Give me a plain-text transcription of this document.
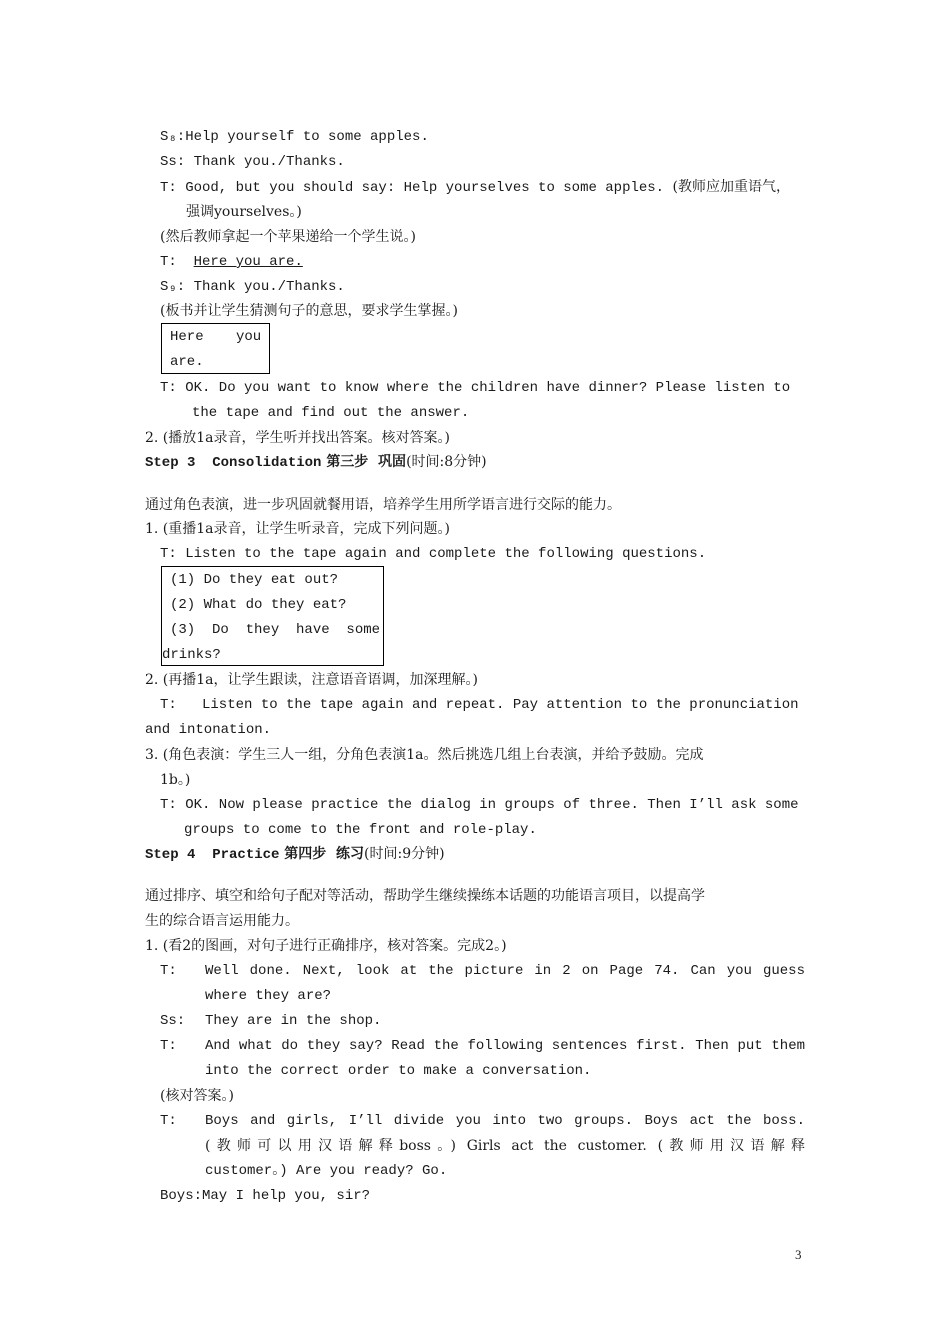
S₈:Help yourself to some apples.

Ss: Thank you./Thanks.

T: Good, but you should say: Help yourselves to some apples. (教师应加重语气，

强调yourselves。)

(然后教师拿起一个苹果递给一个学生说。)

T: Here you are.

S₉: Thank you./Thanks.

(板书并让学生猜测句子的意思，要求学生掌握。)

Here you
are.

T: OK. Do you want to know where the children have dinner? Please listen to

the tape and find out the answer.

2. (播放1a录音，学生听并找出答案。核对答案。)

Step 3  Consolidation 第三步  巩固(时间:8分钟)

通过角色表演，进一步巩固就餐用语，培养学生用所学语言进行交际的能力。

1. (重播1a录音，让学生听录音，完成下列问题。)

T: Listen to the tape again and complete the following questions.

(1) Do they eat out?
(2) What do they eat?
(3)  Do  they  have  some
drinks?

2. (再播1a，让学生跟读，注意语音语调，加深理解。)

T:   Listen to the tape again and repeat. Pay attention to the pronunciation

and intonation.

3. (角色表演：学生三人一组，分角色表演1a。然后挑选几组上台表演，并给予鼓励。完成

1b。)

T: OK. Now please practice the dialog in groups of three. Then I’ll ask some

groups to come to the front and role-play.

Step 4  Practice 第四步  练习(时间:9分钟)

通过排序、填空和给句子配对等活动，帮助学生继续操练本话题的功能语言项目，以提高学

生的综合语言运用能力。

1. (看2的图画，对句子进行正确排序，核对答案。完成2。)

T: Well done. Next, look at the picture in 2 on Page 74. Can you guess

where they are?

Ss: They are in the shop.

T: And what do they say? Read the following sentences first. Then put them

into the correct order to make a conversation.

(核对答案。)

T: Boys and girls, I’ll divide you into two groups. Boys act the boss.

(教师可以用汉语解释boss。) Girls act the customer. (教师用汉语解释

customer。) Are you ready? Go.

Boys:May I help you, sir?

3
